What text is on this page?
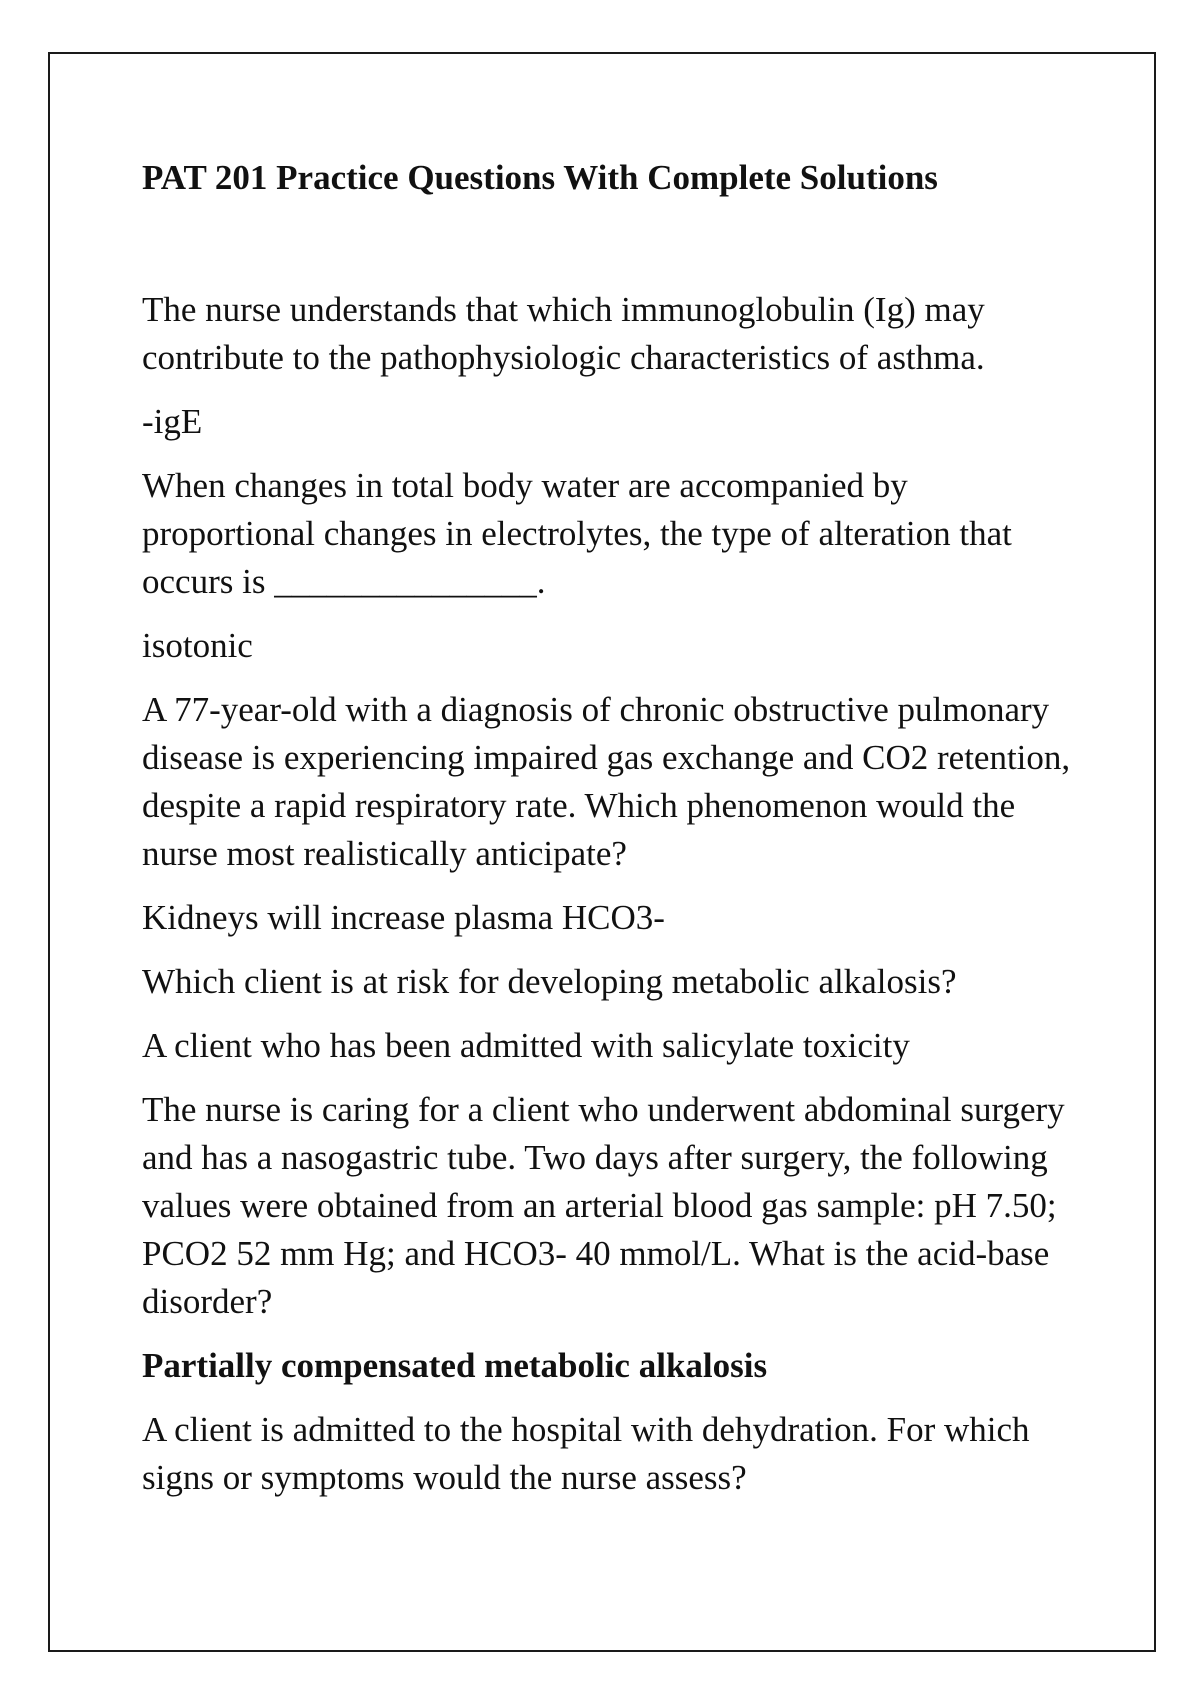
PAT 201 Practice Questions With Complete Solutions

The nurse understands that which immunoglobulin (Ig) may contribute to the pathophysiologic characteristics of asthma.

-igE

When changes in total body water are accompanied by proportional changes in electrolytes, the type of alteration that occurs is _______________.

isotonic

A 77-year-old with a diagnosis of chronic obstructive pulmonary disease is experiencing impaired gas exchange and CO2 retention, despite a rapid respiratory rate. Which phenomenon would the nurse most realistically anticipate?

Kidneys will increase plasma HCO3-

Which client is at risk for developing metabolic alkalosis?

A client who has been admitted with salicylate toxicity

The nurse is caring for a client who underwent abdominal surgery and has a nasogastric tube. Two days after surgery, the following values were obtained from an arterial blood gas sample: pH 7.50; PCO2 52 mm Hg; and HCO3- 40 mmol/L. What is the acid-base disorder?

Partially compensated metabolic alkalosis

A client is admitted to the hospital with dehydration. For which signs or symptoms would the nurse assess?
